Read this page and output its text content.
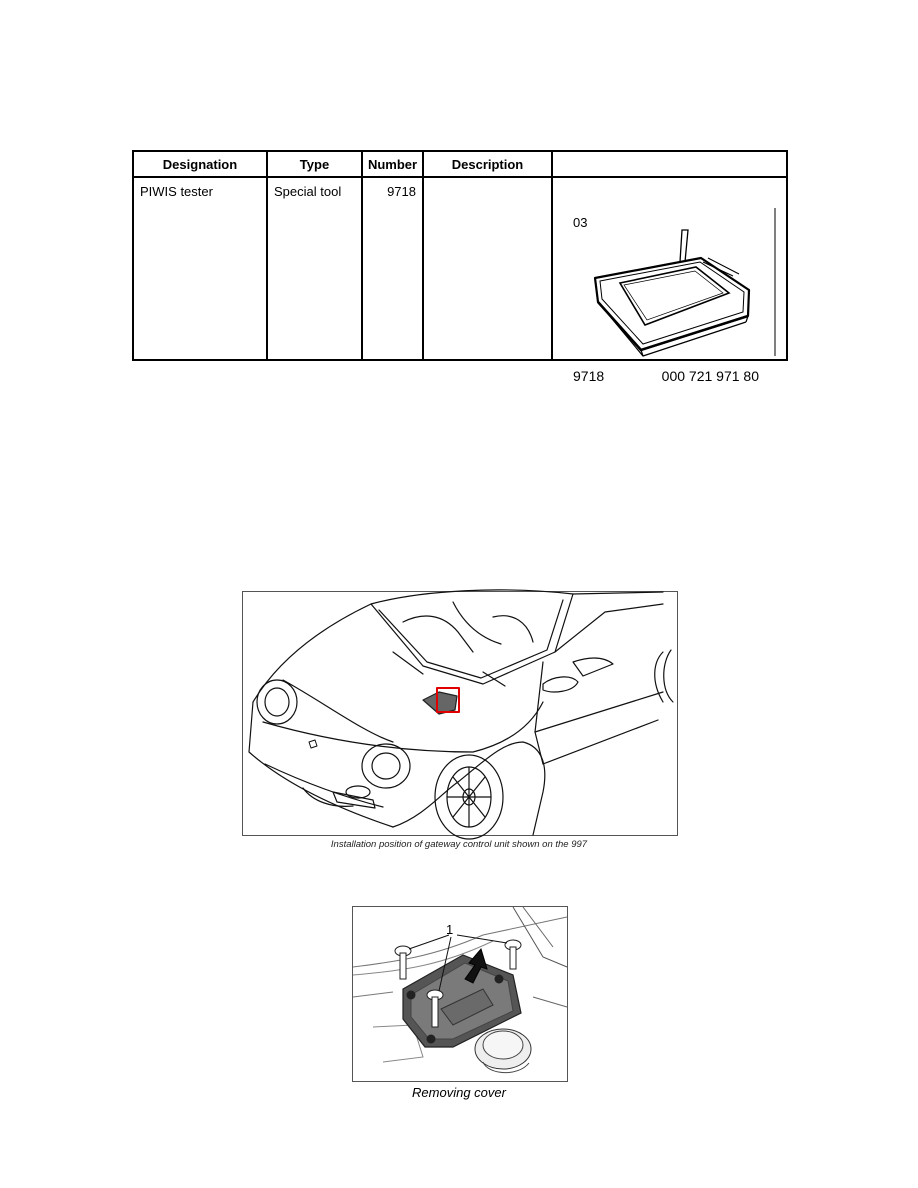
Designation	Type	Number	Description	
PIWIS tester	Special tool	9718		03
9718 000 721 971 80
Installation position of gateway control unit shown on the 997
1
Removing cover
